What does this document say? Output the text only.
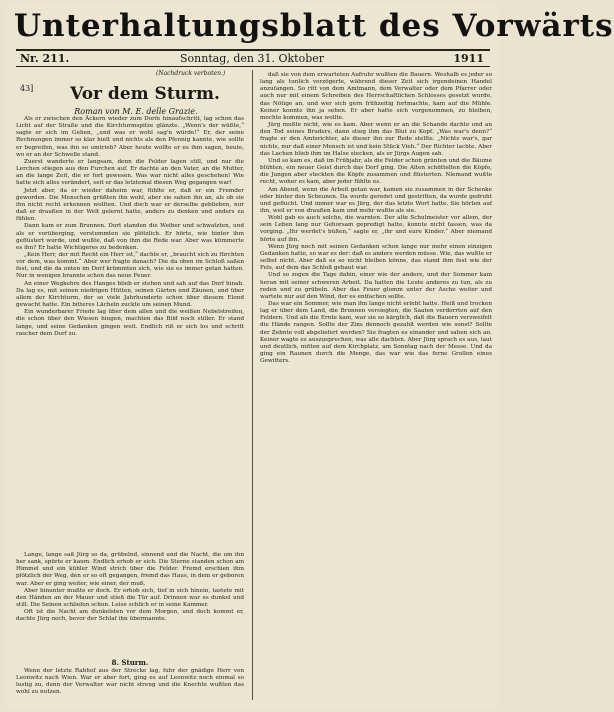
Unterhaltungsblatt des Vorwärts
Nr. 211.	Sonntag, den 31. Oktober	1911
(Nachdruck verboten.)
43]	Vor dem Sturm.
Roman von M. E. delle Grazie.

Als er zwischen den Äckern wieder zum Dorfe hinaufschritt, lag schon das Licht auf der Straße und die Kirchturmspitze glänzte. „Wenn's der wüßte,“ sagte er sich im Gehen, „und was er wohl sag'n würde!“ Er, der seine Rechnungen immer so klar hielt und nichts als den Pfennig kannte, wie sollte er begreifen, was ihn so umtrieb? Aber heute wollte er es ihm sagen, heute, wo er an der Schwelle stand.

Zuerst wanderte er langsam, denn die Felder lagen still, und nur die Lerchen stiegen aus den Furchen auf. Er dachte an den Vater, an die Mutter, an die lange Zeit, die er fort gewesen. Was war nicht alles geschehen! Wie hatte sich alles verändert, seit er das letztemal diesen Weg gegangen war!

Jetzt aber, da er wieder daheim war, fühlte er, daß er ein Fremder geworden. Die Menschen grüßten ihn wohl, aber sie sahen ihn an, als ob sie ihn nicht recht erkennen wollten. Und doch war er derselbe geblieben, nur daß er draußen in der Welt gelernt hatte, anders zu denken und anders zu fühlen.

Dann kam er zum Brunnen. Dort standen die Weiber und schwatzten, und als er vorüberging, verstummten sie plötzlich. Er hörte, wie hinter ihm geflüstert wurde, und wußte, daß von ihm die Rede war. Aber was kümmerte es ihn? Er hatte Wichtigeres zu bedenken.

„Kein Herr, der mit Recht ein Herr ist,“ dachte er, „braucht sich zu fürchten vor dem, was kommt.“ Aber wer fragte danach? Die da oben im Schloß saßen fest, und die da unten im Dorf krümmten sich, wie sie es immer getan hatten. Nur in wenigen brannte schon das neue Feuer.

An einer Wegkehre des Hanges blieb er stehen und sah auf das Dorf hinab. Da lag es, mit seinen niedrigen Hütten, seinen Gärten und Zäunen, und über allem der Kirchturm, der so viele Jahrhunderte schon über diesem Elend gewacht hatte. Ein bitteres Lächeln zuckte um seinen Mund.

Ein wunderbarer Friede lag über dem allen und die weißen Nebelstreifen, die schon über den Wiesen hingen, machten das Bild noch stiller. Er stand lange, und seine Gedanken gingen weit. Endlich riß er sich los und schritt rascher dem Dorf zu.

Lange, lange saß Jürg so da, grübelnd, sinnend und die Nacht, die um ihn her sank, spürte er kaum. Endlich erhob er sich. Die Sterne standen schon am Himmel und ein kühler Wind strich über die Felder. Fremd erschien ihm plötzlich der Weg, den er so oft gegangen, fremd das Haus, in dem er geboren war. Aber er ging weiter, wie einer, der muß.

Aber hinunter mußte er doch. Er erhob sich, tief in sich hinein, tastete mit den Händen an der Mauer und stieß die Tür auf. Drinnen war es dunkel und still. Die Seinen schliefen schon. Leise schlich er in seine Kammer.

Oft ist die Nacht am dunkelsten vor dem Morgen, und doch kommt er, dachte Jürg noch, bevor der Schlaf ihn übermannte.

8. Sturm.

Wenn der letzte Rabhof aus der Strecke lag, fuhr der gnädige Herr von Leonwitz nach Wien. War er aber fort, ging es auf Leonwitz noch einmal so lustig zu, denn der Verwalter war nicht streng und die Knechte wußten das wohl zu nutzen.

daß sie von dem erwarteten Aufruhr wußten die Bauern. Weshalb es jeder so lang als tunlich verzögerte, während dieser Zeit sich irgendeinen Handel anzufangen. So ritt von dem Amtmann, dem Verwalter oder dem Pfarrer oder auch nur mit einem Schreiben des Herrschaftlichen Schlosses gesetzt wurde, das Nötige an, und wer sich gern frühzeitig fortmachte, kam auf die Mühle. Keiner konnte ihn ja sehen. Er aber hatte sich vorgenommen, zu bleiben, mochte kommen, was wollte.

Jürg mußte nicht, wie es kam. Aber wenn er an die Schande dachte und an den Tod seines Bruders, dann stieg ihm das Blut zu Kopf. „Was war's denn?“ fragte er den Amtsrichter, als dieser ihn zur Rede stellte. „Nichts war's, gar nichts, nur daß einer Mensch ist und kein Stück Vieh.“ Der Richter lachte. Aber das Lachen blieb ihm im Halse stecken, als er Jürgs Augen sah.

Und so kam es, daß im Frühjahr, als die Felder schon grünten und die Bäume blühten, ein neuer Geist durch das Dorf ging. Die Alten schüttelten die Köpfe, die Jungen aber steckten die Köpfe zusammen und flüsterten. Niemand wußte recht, woher es kam, aber jeder fühlte es.

Am Abend, wenn die Arbeit getan war, kamen sie zusammen in der Schenke oder hinter den Scheunen. Da wurde geredet und gestritten, da wurde gedroht und geflucht. Und immer war es Jürg, der das letzte Wort hatte. Sie hörten auf ihn, weil er von draußen kam und mehr wußte als sie.

Wohl gab es auch solche, die warnten. Der alte Schulmeister vor allem, der sein Leben lang nur Gehorsam gepredigt hatte, konnte nicht fassen, was da vorging. „Ihr werdet's büßen,“ sagte er, „ihr und eure Kinder.“ Aber niemand hörte auf ihn.

Wenn Jürg noch mit seinen Gedanken schon lange nur mehr einen einzigen Gedanken hatte, so war es der: daß es anders werden müsse. Wie, das wußte er selbst nicht. Aber daß es so nicht bleiben könne, das stand ihm fest wie der Fels, auf dem das Schloß gebaut war.

Und so zogen die Tage dahin, einer wie der andere, und der Sommer kam heran mit seiner schweren Arbeit. Da hatten die Leute anderes zu tun, als zu reden und zu grübeln. Aber das Feuer glomm unter der Asche weiter und wartete nur auf den Wind, der es entfachen sollte.

Das war ein Sommer, wie man ihn lange nicht erlebt hatte. Heiß und trocken lag er über dem Land, die Brunnen versiegten, die Saaten verdorrten auf den Feldern. Und als die Ernte kam, war sie so kärglich, daß die Bauern verzweifelt die Hände rangen. Sollte der Zins dennoch gezahlt werden wie sonst? Sollte der Zehnte voll abgeliefert werden? Sie fragten es einander und sahen sich an. Keiner wagte es auszusprechen, was alle dachten. Aber Jürg sprach es aus, laut und deutlich, mitten auf dem Kirchplatz, am Sonntag nach der Messe. Und da ging ein Raunen durch die Menge, das war wie das ferne Grollen eines Gewitters.
